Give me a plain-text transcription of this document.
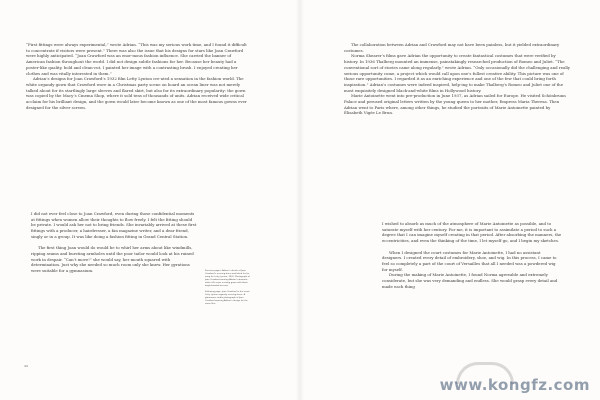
“First fittings were always experimental,” wrote Adrian. “This was my serious work time, and I found it difficult to concentrate if visitors were present.” There was also the issue that his designs for stars like Joan Crawford were highly anticipated. “Joan Crawford was an enor-mous fashion influence. She carried the banner of American fashion throughout the world. I did not design subtle fashions for her. Because her beauty had a poster-like quality, bold and clean-cut, I painted her image with a contrasting brush. I enjoyed creating her clothes and was vitally interested in them.”

Adrian’s designs for Joan Crawford’s 1932 film Letty Lynton cre-ated a sensation in the fashion world. The white organdy gown that Crawford wore in a Christmas party scene on board an ocean liner was not merely talked about for its startlingly large sleeves and flared skirt, but also for its extraordinary popularity: the gown was copied by the Macy’s Cinema Shop, where it sold tens of thousands of units. Adrian received wide critical acclaim for his brilliant design, and the gown would later become known as one of the most famous gowns ever designed for the silver screen.

I did not ever feel close to Joan Crawford, even during those confidential moments at fittings when women allow their thoughts to flow freely. I felt the fitting should be private. I would ask her not to bring friends. She invariably arrived at these first fittings with a producer, a hairdresser, a fan magazine writer, and a dear friend, singly or in a group. It was like doing a fashion fitting in Grand Central Station.

The first thing Joan would do would be to whirl her arms about like windmills, ripping seams and bursting armholes until the poor tailor would look at his ruined work in despair. “Can’t move!” she would say, her mouth squared with determination. Just why she needed so much room only she knew. Her gyrations were suitable for a gymnasium.	Previous pages: Adrian’s sketch of Joan Crawford’s evening dress and black fur for wrap for Letty Lynton, 1932. Photograph of Joan Crawford wearing Adrian’s dramatic white silk crepe evening gown with black bugle-beaded accents.

Following page: Joan Crawford in the iconic Letty Lynton organdy evening dress. A glamorous studio photograph of Joan Crawford wearing Adrian’s design for the same film.

44

The collaboration between Adrian and Crawford may not have been painless, but it yielded extraordinary costumes.

Norma Shearer’s films gave Adrian the opportunity to create fantastical costumes that were verified by history. In 1936 Thalberg mounted an immense, painstakingly researched production of Romeo and Juliet. “The conventional sort of stories came along regularly,” wrote Adrian. “Only occasionally did the challenging and really serious opportunity come, a project which would call upon one’s fullest creative ability. This picture was one of those rare opportunities. I regarded it as an enriching experience and one of the few that could bring forth inspiration.” Adrian’s costumes were indeed inspired, help-ing to make Thalberg’s Romeo and Juliet one of the most exquisitely designed black-and-white films in Hollywood history.

Marie Antoinette went into pre-production in June 1937, as Adrian sailed for Europe. He visited Schönbrunn Palace and perused original letters written by the young queen to her mother, Empress Maria Theresa. Then Adrian went to Paris where, among other things, he studied the portraits of Marie Antoinette painted by Élisabeth Vigée Le Brun.

I wished to absorb as much of the atmosphere of Marie Antoinette as possible, and to saturate myself with her century. For me, it is important to assimilate a period to such a degree that I can imagine myself creating in that period. After absorbing the manners, the eccentricities, and even the thinking of the time, I let myself go, and I begin my sketches.

When I designed the court costumes for Marie Antoinette, I had no assistant designers. I created every detail of embroidery, shoe, and wig. In this process, I came to feel so completely a part of the court of Versailles that all I needed was a powdered wig for myself.

During the making of Marie Antoinette, I found Norma agreeable and extremely considerate, but she was very demanding and endless. She would grasp every detail and made each thing

www.kongfz.com
